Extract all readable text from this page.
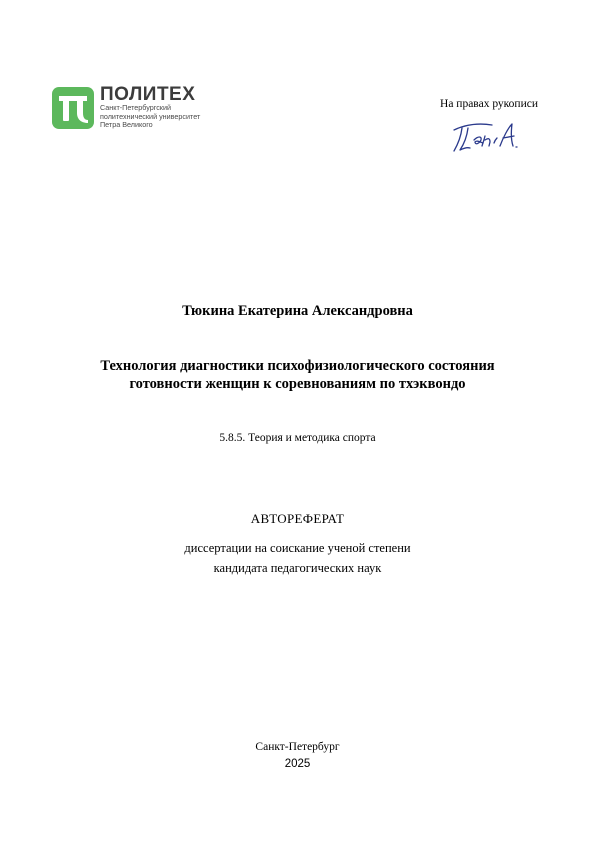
ПОЛИТЕХ
Санкт-Петербургский
политехнический университет
Петра Великого
На правах рукописи
Тюкина Екатерина Александровна
Технология диагностики психофизиологического состояния
готовности женщин к соревнованиям по тхэквондо
5.8.5. Теория и методика спорта
АВТОРЕФЕРАТ
диссертации на соискание ученой степени
кандидата педагогических наук
Санкт-Петербург
2025
